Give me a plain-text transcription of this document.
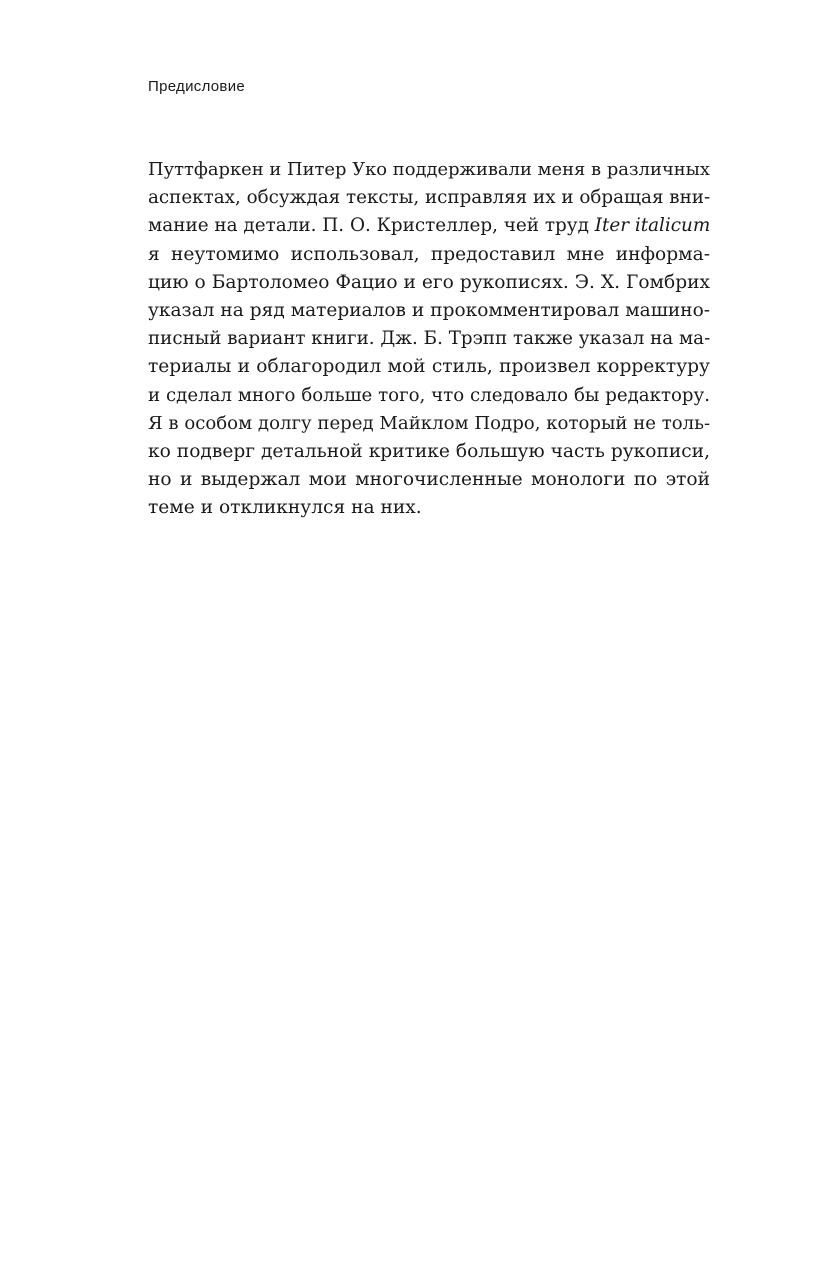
Предисловие
Путтфаркен и Питер Уко поддерживали меня в различных
аспектах, обсуждая тексты, исправляя их и обращая вни-
мание на детали. П. О. Кристеллер, чей труд Iter italicum
я неутомимо использовал, предоставил мне информа-
цию о Бартоломео Фацио и его рукописях. Э. Х. Гомбрих
указал на ряд материалов и прокомментировал машино-
писный вариант книги. Дж. Б. Трэпп также указал на ма-
териалы и облагородил мой стиль, произвел корректуру
и сделал много больше того, что следовало бы редактору.
Я в особом долгу перед Майклом Подро, который не толь-
ко подверг детальной критике большую часть рукописи,
но и выдержал мои многочисленные монологи по этой
теме и откликнулся на них.
